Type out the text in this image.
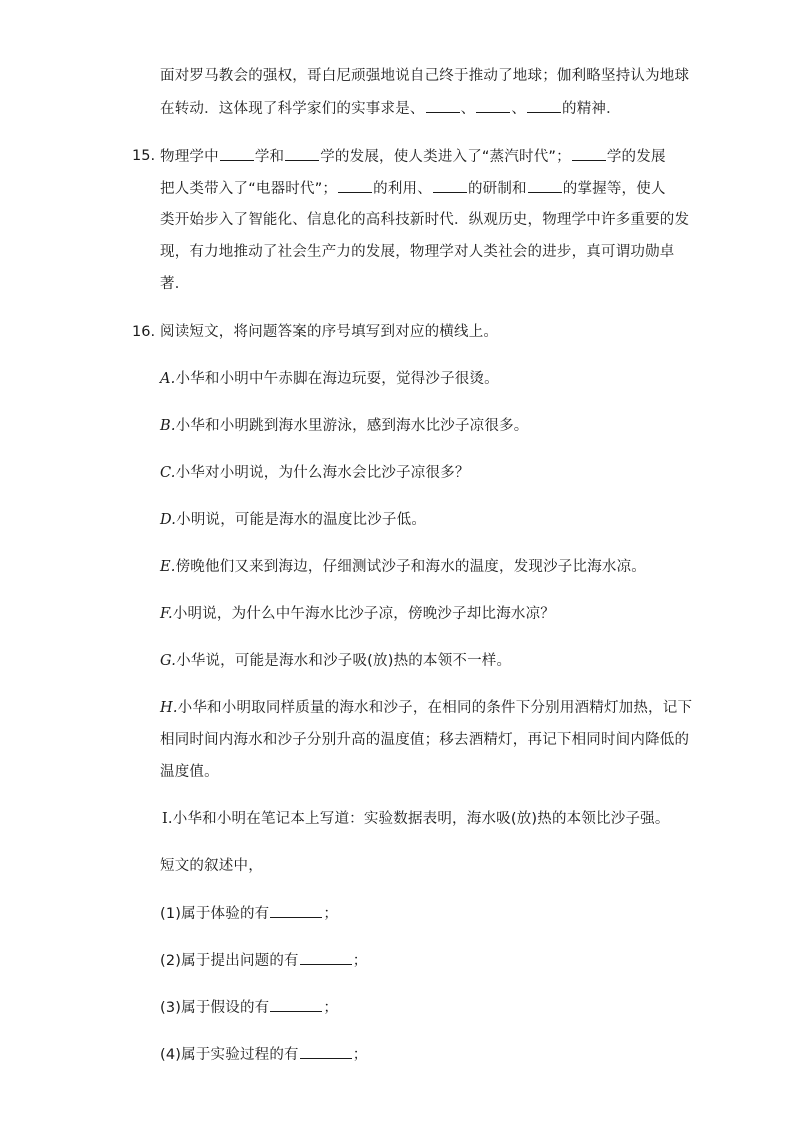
面对罗马教会的强权，哥白尼顽强地说自己终于推动了地球；伽利略坚持认为地球
在转动．这体现了科学家们的实事求是、 、 、 的精神．
15. 物理学中 学和 学的发展，使人类进入了“蒸汽时代”； 学的发展
把人类带入了“电器时代”； 的利用、 的研制和 的掌握等，使人
类开始步入了智能化、信息化的高科技新时代．纵观历史，物理学中许多重要的发
现，有力地推动了社会生产力的发展，物理学对人类社会的进步，真可谓功勋卓
著．
16. 阅读短文，将问题答案的序号填写到对应的横线上。
A.小华和小明中午赤脚在海边玩耍，觉得沙子很烫。
B.小华和小明跳到海水里游泳，感到海水比沙子凉很多。
C.小华对小明说，为什么海水会比沙子凉很多？
D.小明说，可能是海水的温度比沙子低。
E.傍晚他们又来到海边，仔细测试沙子和海水的温度，发现沙子比海水凉。
F.小明说，为什么中午海水比沙子凉，傍晚沙子却比海水凉？
G.小华说，可能是海水和沙子吸(放)热的本领不一样。
H.小华和小明取同样质量的海水和沙子，在相同的条件下分别用酒精灯加热，记下
相同时间内海水和沙子分别升高的温度值；移去酒精灯，再记下相同时间内降低的
温度值。
I.小华和小明在笔记本上写道：实验数据表明，海水吸(放)热的本领比沙子强。
短文的叙述中，
(1)属于体验的有	；
(2)属于提出问题的有	；
(3)属于假设的有	；
(4)属于实验过程的有	；
